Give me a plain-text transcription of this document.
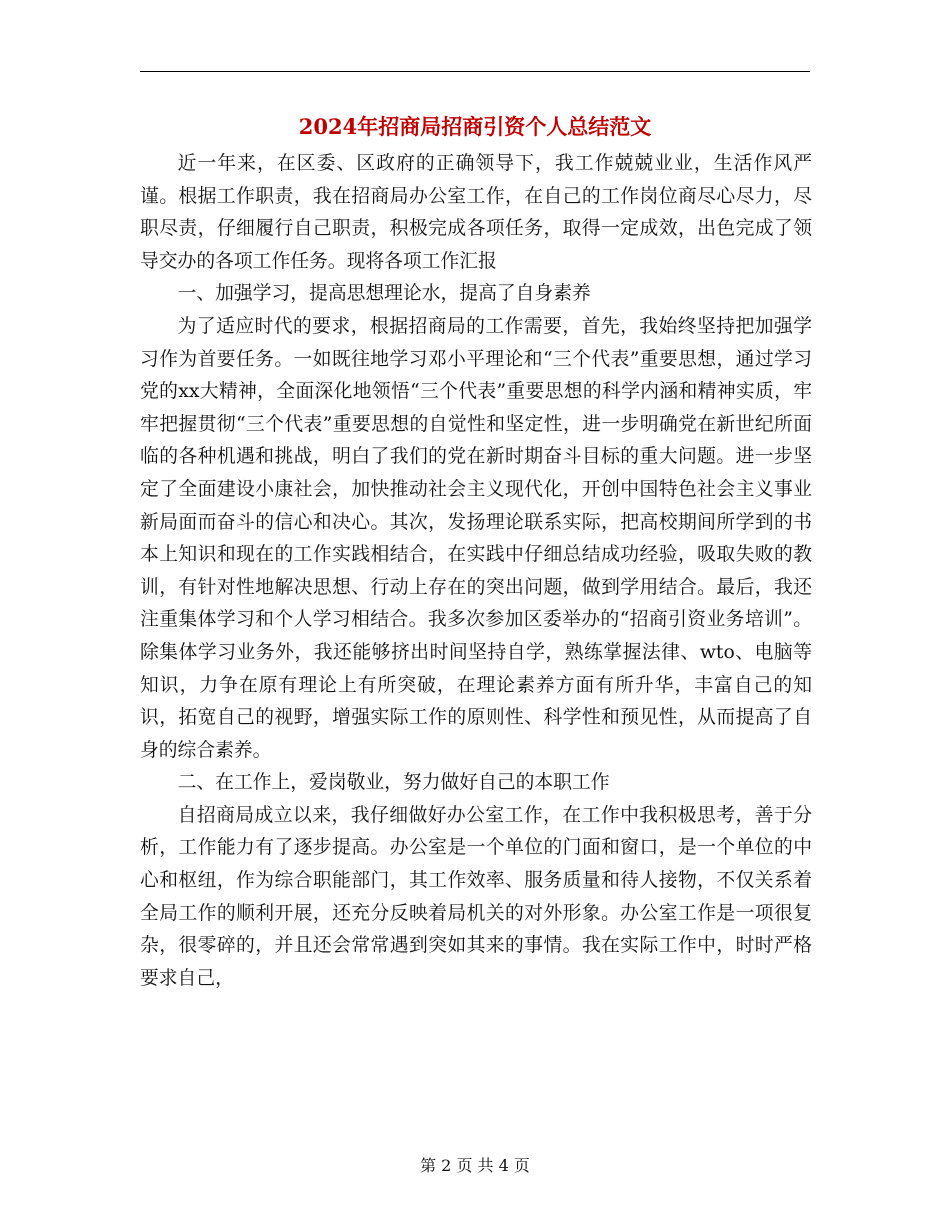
2024年招商局招商引资个人总结范文

近一年来，在区委、区政府的正确领导下，我工作兢兢业业，生活作风严谨。根据工作职责，我在招商局办公室工作，在自己的工作岗位商尽心尽力，尽职尽责，仔细履行自己职责，积极完成各项任务，取得一定成效，出色完成了领导交办的各项工作任务。现将各项工作汇报

一、加强学习，提高思想理论水，提高了自身素养

为了适应时代的要求，根据招商局的工作需要，首先，我始终坚持把加强学习作为首要任务。一如既往地学习邓小平理论和“三个代表”重要思想，通过学习党的xx大精神，全面深化地领悟“三个代表”重要思想的科学内涵和精神实质，牢牢把握贯彻“三个代表”重要思想的自觉性和坚定性，进一步明确党在新世纪所面临的各种机遇和挑战，明白了我们的党在新时期奋斗目标的重大问题。进一步坚定了全面建设小康社会，加快推动社会主义现代化，开创中国特色社会主义事业新局面而奋斗的信心和决心。其次，发扬理论联系实际，把高校期间所学到的书本上知识和现在的工作实践相结合，在实践中仔细总结成功经验，吸取失败的教训，有针对性地解决思想、行动上存在的突出问题，做到学用结合。最后，我还注重集体学习和个人学习相结合。我多次参加区委举办的“招商引资业务培训”。除集体学习业务外，我还能够挤出时间坚持自学，熟练掌握法律、wto、电脑等知识，力争在原有理论上有所突破，在理论素养方面有所升华，丰富自己的知识，拓宽自己的视野，增强实际工作的原则性、科学性和预见性，从而提高了自身的综合素养。

二、在工作上，爱岗敬业，努力做好自己的本职工作

自招商局成立以来，我仔细做好办公室工作，在工作中我积极思考，善于分析，工作能力有了逐步提高。办公室是一个单位的门面和窗口，是一个单位的中心和枢纽，作为综合职能部门，其工作效率、服务质量和待人接物，不仅关系着全局工作的顺利开展，还充分反映着局机关的对外形象。办公室工作是一项很复杂，很零碎的，并且还会常常遇到突如其来的事情。我在实际工作中，时时严格要求自己，

第 2 页 共 4 页
